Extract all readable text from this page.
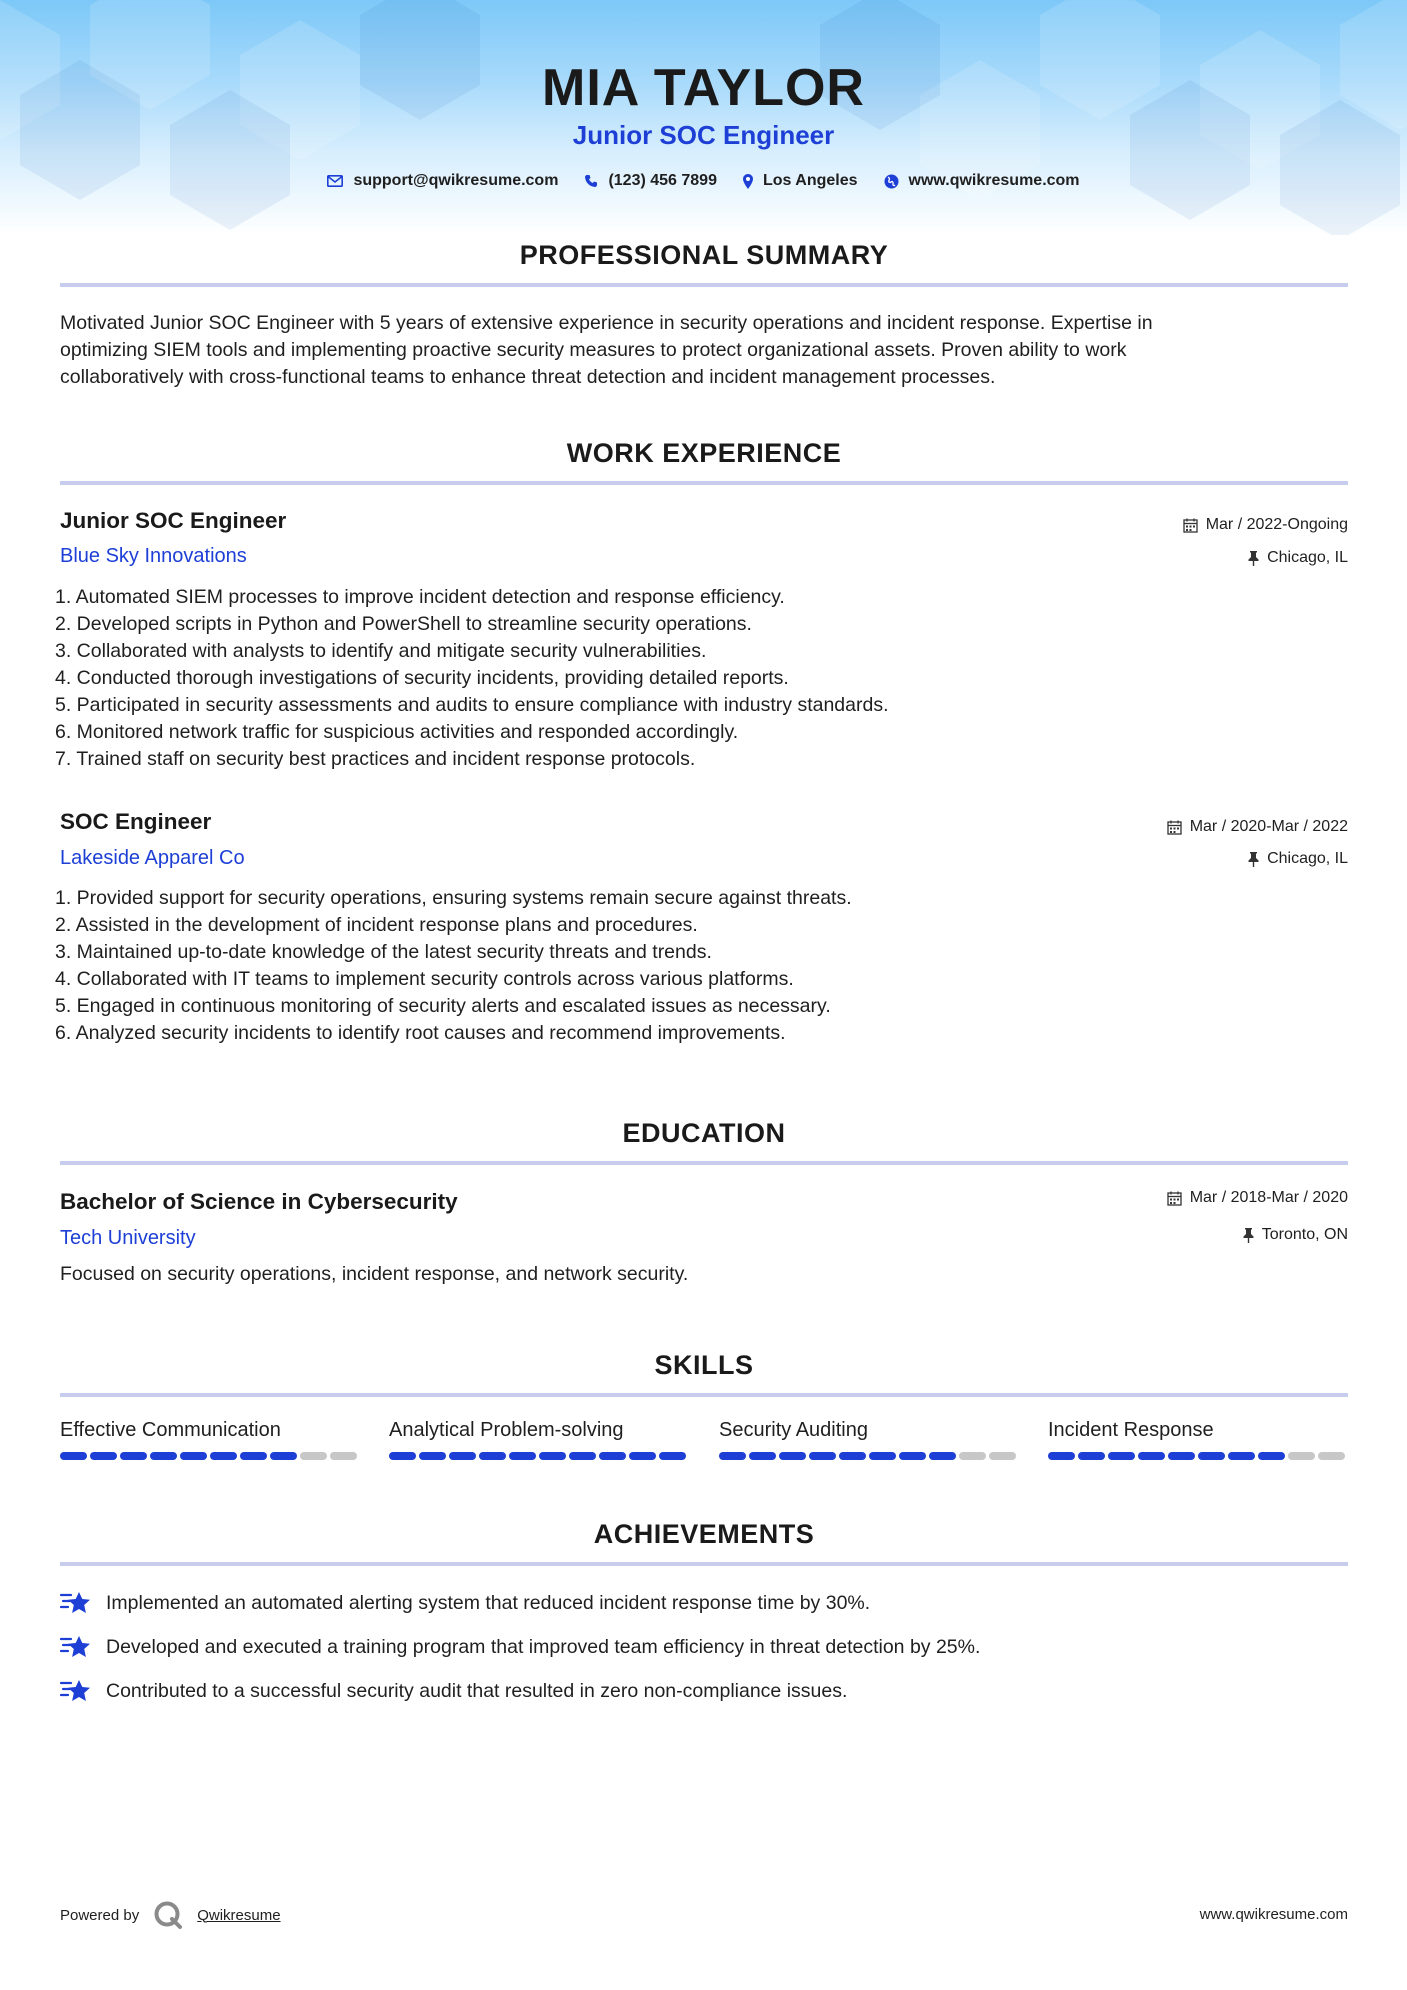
MIA TAYLOR
Junior SOC Engineer
support@qwikresume.com	(123) 456 7899	Los Angeles	www.qwikresume.com
PROFESSIONAL SUMMARY
Motivated Junior SOC Engineer with 5 years of extensive experience in security operations and incident response. Expertise in
optimizing SIEM tools and implementing proactive security measures to protect organizational assets. Proven ability to work
collaboratively with cross-functional teams to enhance threat detection and incident management processes.
WORK EXPERIENCE
Junior SOC Engineer
Blue Sky Innovations
Mar / 2022-Ongoing
Chicago, IL
1. Automated SIEM processes to improve incident detection and response efficiency.
2. Developed scripts in Python and PowerShell to streamline security operations.
3. Collaborated with analysts to identify and mitigate security vulnerabilities.
4. Conducted thorough investigations of security incidents, providing detailed reports.
5. Participated in security assessments and audits to ensure compliance with industry standards.
6. Monitored network traffic for suspicious activities and responded accordingly.
7. Trained staff on security best practices and incident response protocols.
SOC Engineer
Lakeside Apparel Co
Mar / 2020-Mar / 2022
Chicago, IL
1. Provided support for security operations, ensuring systems remain secure against threats.
2. Assisted in the development of incident response plans and procedures.
3. Maintained up-to-date knowledge of the latest security threats and trends.
4. Collaborated with IT teams to implement security controls across various platforms.
5. Engaged in continuous monitoring of security alerts and escalated issues as necessary.
6. Analyzed security incidents to identify root causes and recommend improvements.
EDUCATION
Bachelor of Science in Cybersecurity
Tech University
Mar / 2018-Mar / 2020
Toronto, ON
Focused on security operations, incident response, and network security.
SKILLS
Effective Communication	Analytical Problem-solving	Security Auditing	Incident Response
ACHIEVEMENTS
Implemented an automated alerting system that reduced incident response time by 30%.
Developed and executed a training program that improved team efficiency in threat detection by 25%.
Contributed to a successful security audit that resulted in zero non-compliance issues.
Powered by	Qwikresume	www.qwikresume.com
